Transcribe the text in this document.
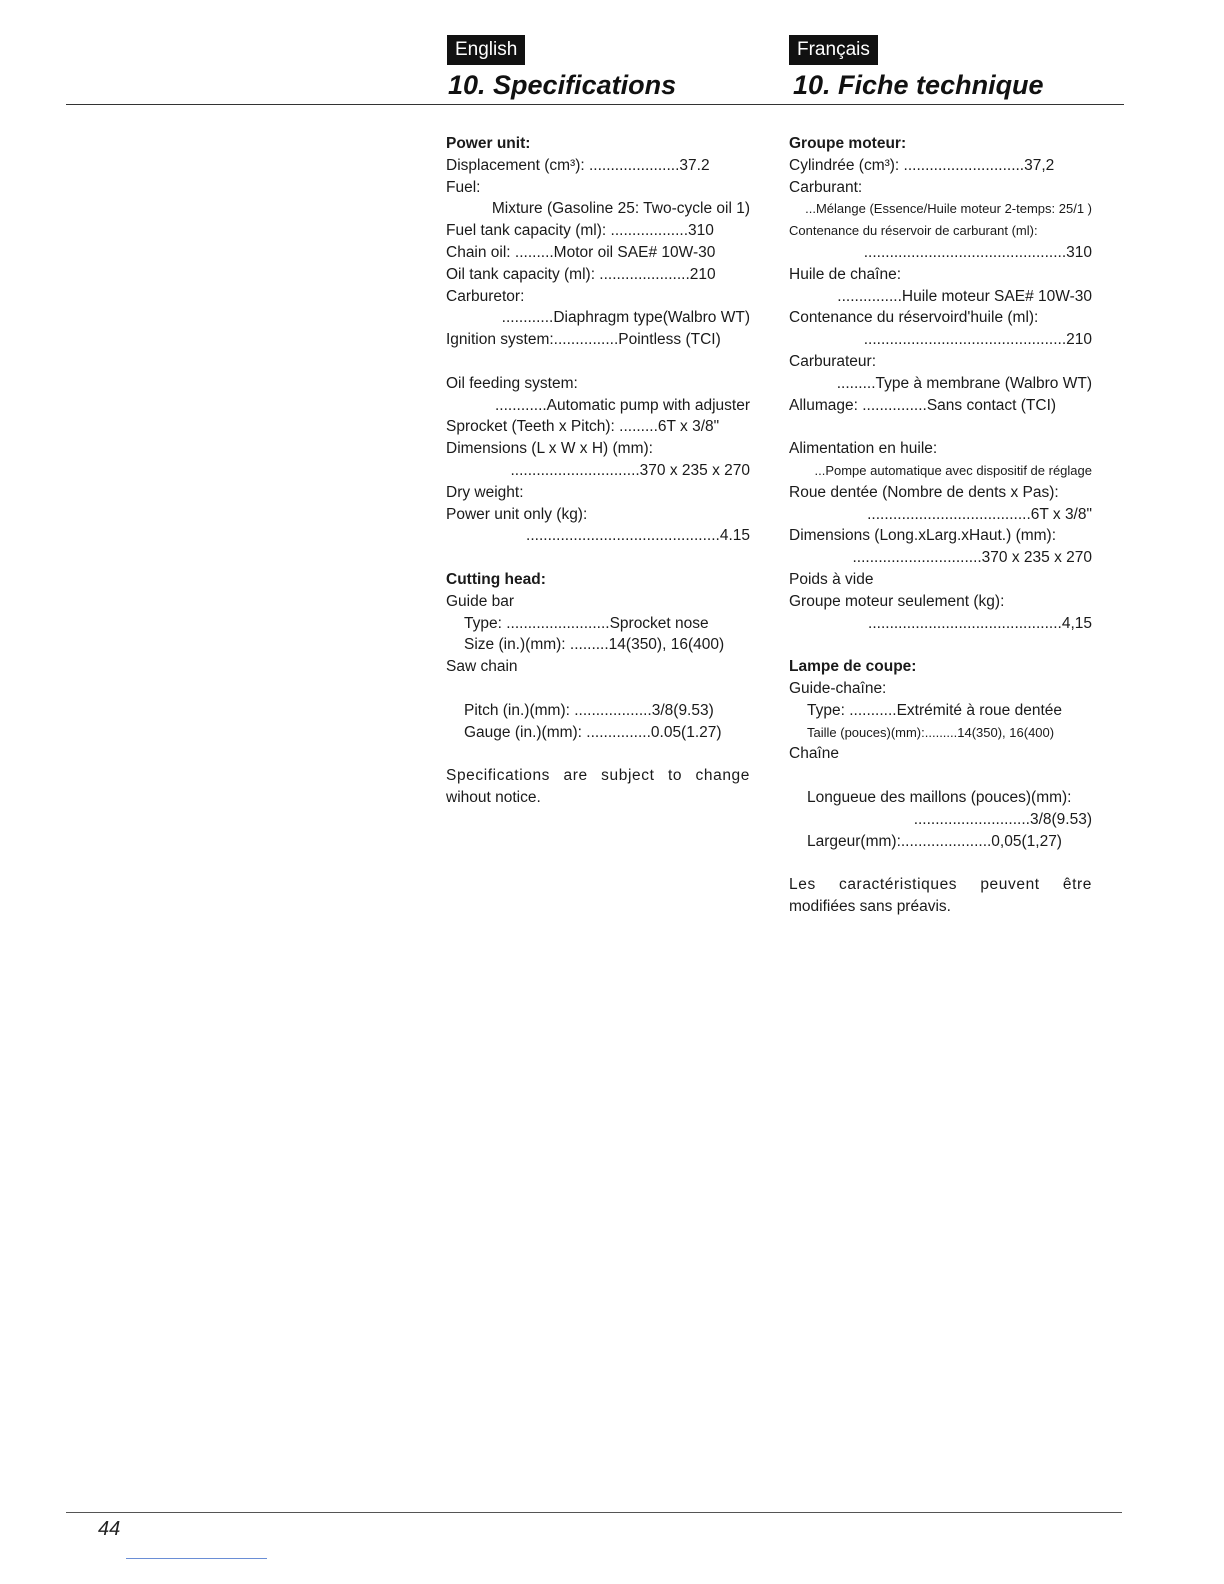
English
10. Specifications
Français
10. Fiche technique
Power unit:
Displacement (cm³): .....................37.2
Fuel:
Mixture (Gasoline 25: Two-cycle oil 1)
Fuel tank capacity (ml): ..................310
Chain oil: .........Motor oil SAE# 10W-30
Oil tank capacity (ml): .....................210
Carburetor:
............Diaphragm type(Walbro WT)
Ignition system:...............Pointless (TCI)
Oil feeding system:
............Automatic pump with adjuster
Sprocket (Teeth x Pitch): .........6T x 3/8"
Dimensions (L x W x H) (mm):
..............................370 x 235 x 270
Dry weight:
Power unit only (kg):
.............................................4.15
Cutting head:
Guide bar
Type: ........................Sprocket nose
Size (in.)(mm): .........14(350), 16(400)
Saw chain
Pitch (in.)(mm): ..................3/8(9.53)
Gauge (in.)(mm): ...............0.05(1.27)
Specifications are subject to change
wihout notice.
Groupe moteur:
Cylindrée (cm³): ............................37,2
Carburant:
...Mélange (Essence/Huile moteur 2-temps: 25/1 )
Contenance du réservoir de carburant (ml):
...............................................310
Huile de chaîne:
...............Huile moteur SAE# 10W-30
Contenance du réservoird'huile (ml):
...............................................210
Carburateur:
.........Type à membrane (Walbro WT)
Allumage: ...............Sans contact (TCI)
Alimentation en huile:
...Pompe automatique avec dispositif de réglage
Roue dentée (Nombre de dents x Pas):
......................................6T x 3/8"
Dimensions (Long.xLarg.xHaut.) (mm):
..............................370 x 235 x 270
Poids à vide
Groupe moteur seulement (kg):
.............................................4,15
Lampe de coupe:
Guide-chaîne:
Type: ...........Extrémité à roue dentée
Taille (pouces)(mm):.........14(350), 16(400)
Chaîne
Longueue des maillons (pouces)(mm):
...........................3/8(9.53)
Largeur(mm):.....................0,05(1,27)
Les caractéristiques peuvent être
modifiées sans préavis.
44
